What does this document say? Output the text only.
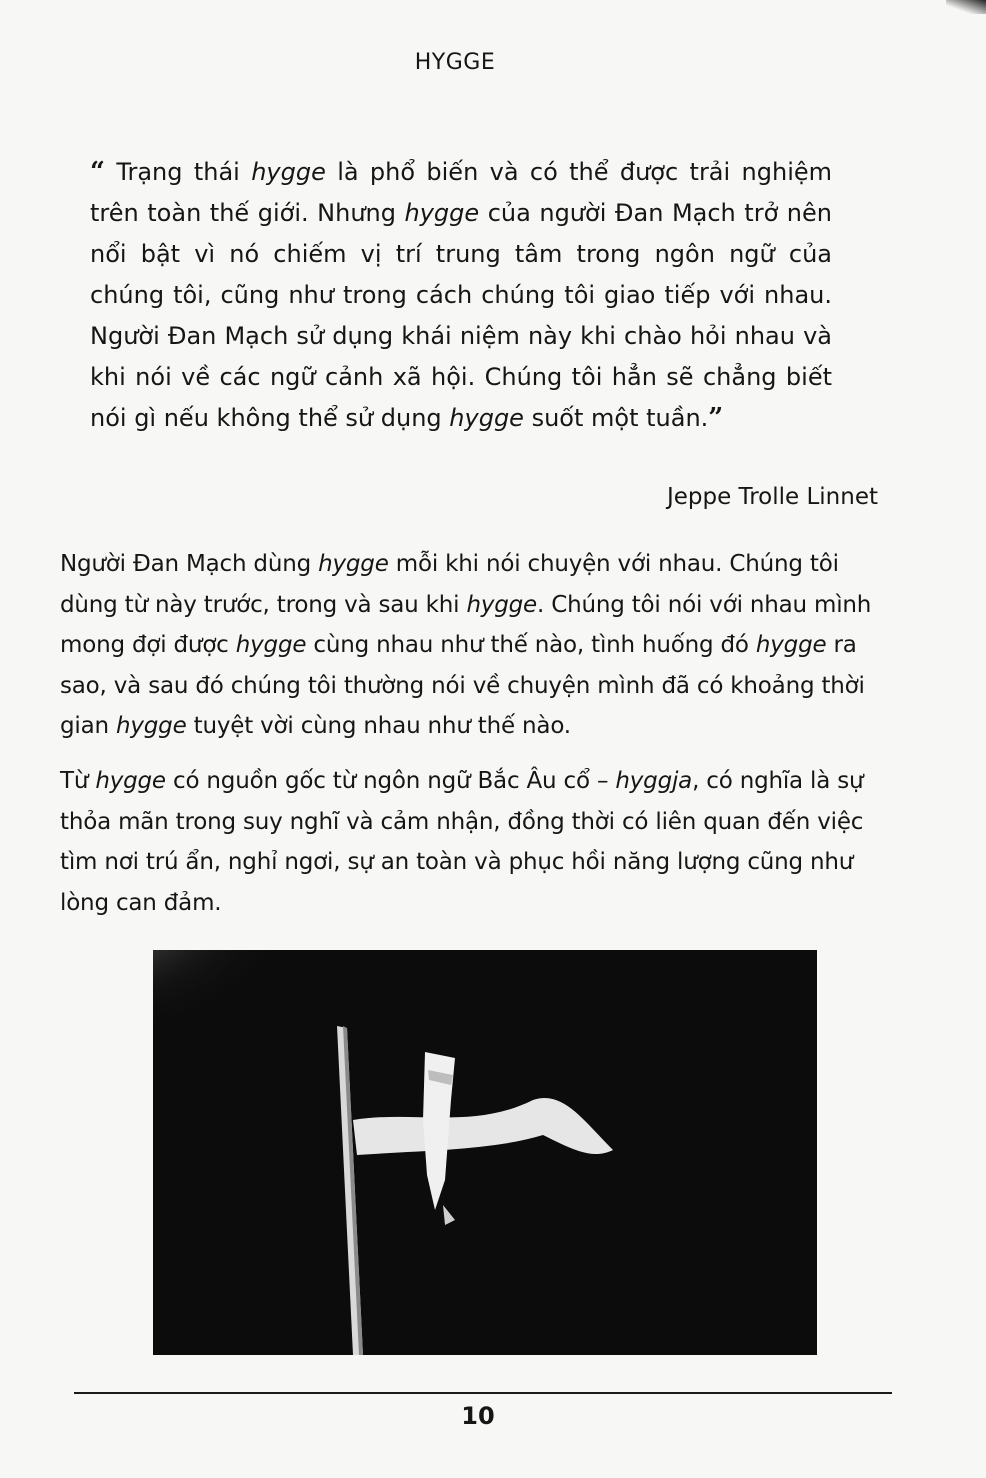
HYGGE
“ Trạng thái hygge là phổ biến và có thể được trải nghiệm trên toàn thế giới. Nhưng hygge của người Đan Mạch trở nên nổi bật vì nó chiếm vị trí trung tâm trong ngôn ngữ của chúng tôi, cũng như trong cách chúng tôi giao tiếp với nhau. Người Đan Mạch sử dụng khái niệm này khi chào hỏi nhau và khi nói về các ngữ cảnh xã hội. Chúng tôi hẳn sẽ chẳng biết nói gì nếu không thể sử dụng hygge suốt một tuần.”
Jeppe Trolle Linnet
Người Đan Mạch dùng hygge mỗi khi nói chuyện với nhau. Chúng tôi dùng từ này trước, trong và sau khi hygge. Chúng tôi nói với nhau mình mong đợi được hygge cùng nhau như thế nào, tình huống đó hygge ra sao, và sau đó chúng tôi thường nói về chuyện mình đã có khoảng thời gian hygge tuyệt vời cùng nhau như thế nào.
Từ hygge có nguồn gốc từ ngôn ngữ Bắc Âu cổ – hyggja, có nghĩa là sự thỏa mãn trong suy nghĩ và cảm nhận, đồng thời có liên quan đến việc tìm nơi trú ẩn, nghỉ ngơi, sự an toàn và phục hồi năng lượng cũng như lòng can đảm.
10
